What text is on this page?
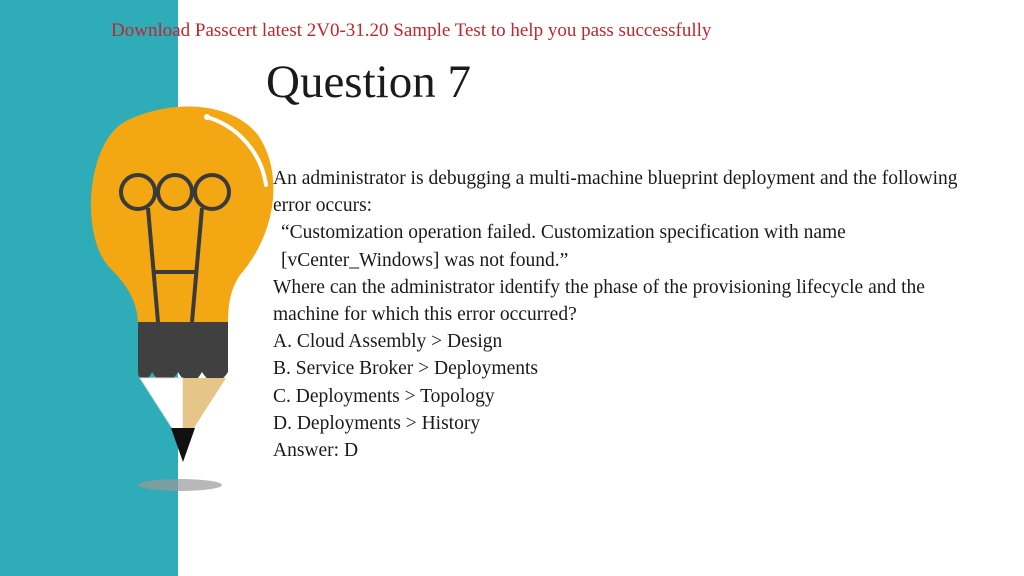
Download Passcert latest 2V0-31.20 Sample Test to help you pass successfully
Question 7

An administrator is debugging a multi-machine blueprint deployment and the following error occurs:

“Customization operation failed. Customization specification with name [vCenter_Windows] was not found.”

Where can the administrator identify the phase of the provisioning lifecycle and the machine for which this error occurred?

A. Cloud Assembly > Design

B. Service Broker > Deployments

C. Deployments > Topology

D. Deployments > History

Answer: D
